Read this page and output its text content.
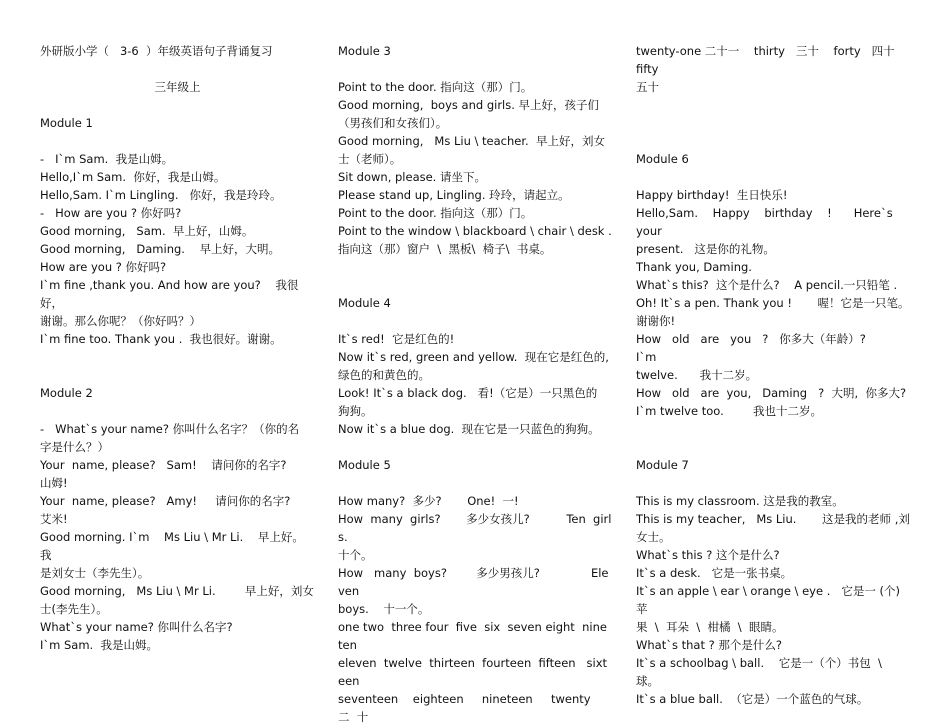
外研版小学（   3-6  ）年级英语句子背诵复习

三年级上

Module 1

-   I`m Sam.  我是山姆。

Hello,I`m Sam.  你好，我是山姆。

Hello,Sam. I`m Lingling.   你好，我是玲玲。

-   How are you ? 你好吗?

Good morning,   Sam.  早上好，山姆。

Good morning,   Daming.    早上好，大明。

How are you ? 你好吗?

I`m fine ,thank you. And how are you?    我很好，

谢谢。那么你呢？（你好吗？）

I`m fine too. Thank you .  我也很好。谢谢。

Module 2

-   What`s your name? 你叫什么名字？（你的名

字是什么？）

Your  name, please?   Sam!    请问你的名字?

山姆!

Your  name, please?   Amy!     请问你的名字?

艾米!

Good morning. I`m    Ms Liu \ Mr Li.    早上好。我

是刘女士（李先生）。

Good morning,   Ms Liu \ Mr Li.        早上好，刘女

士(李先生）。

What`s your name? 你叫什么名字?

I`m Sam.  我是山姆。

Module 3

Point to the door. 指向这（那）门。

Good morning,  boys and girls. 早上好，孩子们

（男孩们和女孩们）。

Good morning,   Ms Liu \ teacher.  早上好，刘女

士（老师）。

Sit down, please. 请坐下。

Please stand up, Lingling. 玲玲，请起立。

Point to the door. 指向这（那）门。

Point to the window \ blackboard \ chair \ desk .

指向这（那）窗户  \  黑板\  椅子\  书桌。

Module 4

It`s red!  它是红色的!

Now it`s red, green and yellow.  现在它是红色的,

绿色的和黄色的。

Look! It`s a black dog.   看!（它是）一只黑色的

狗狗。

Now it`s a blue dog.  现在它是一只蓝色的狗狗。

Module 5

How many?  多少?       One!  一!

How  many  girls?       多少女孩儿?          Ten  girls.

十个。

How   many  boys?        多少男孩儿?              Eleven

boys.    十一个。

one two  three four  five  six  seven eight  nine  ten

eleven  twelve  thirteen  fourteen  fifteen   sixteen

seventeen    eighteen     nineteen     twenty     二  十

twenty-one 二十一    thirty   三十    forty   四十    fifty

五十

Module 6

Happy birthday!  生日快乐!

Hello,Sam.    Happy    birthday    !      Here`s   your

present.   这是你的礼物。

Thank you, Daming.

What`s this?  这个是什么?    A pencil.一只铅笔 .

Oh! It`s a pen. Thank you !       喔！它是一只笔。

谢谢你!

How   old   are   you   ?   你多大（年龄）?              I`m

twelve.      我十二岁。

How   old   are  you,   Daming   ?  大明,  你多大?

I`m twelve too.        我也十二岁。

Module 7

This is my classroom. 这是我的教室。

This is my teacher,   Ms Liu.       这是我的老师 ,刘

女士。

What`s this ? 这个是什么?

It`s a desk.   它是一张书桌。

It`s an apple \ ear \ orange \ eye .   它是一 (个) 苹

果  \  耳朵  \  柑橘  \  眼睛。

What`s that ? 那个是什么?

It`s a schoolbag \ ball.    它是一（个）书包  \  球。

It`s a blue ball.  （它是）一个蓝色的气球。
